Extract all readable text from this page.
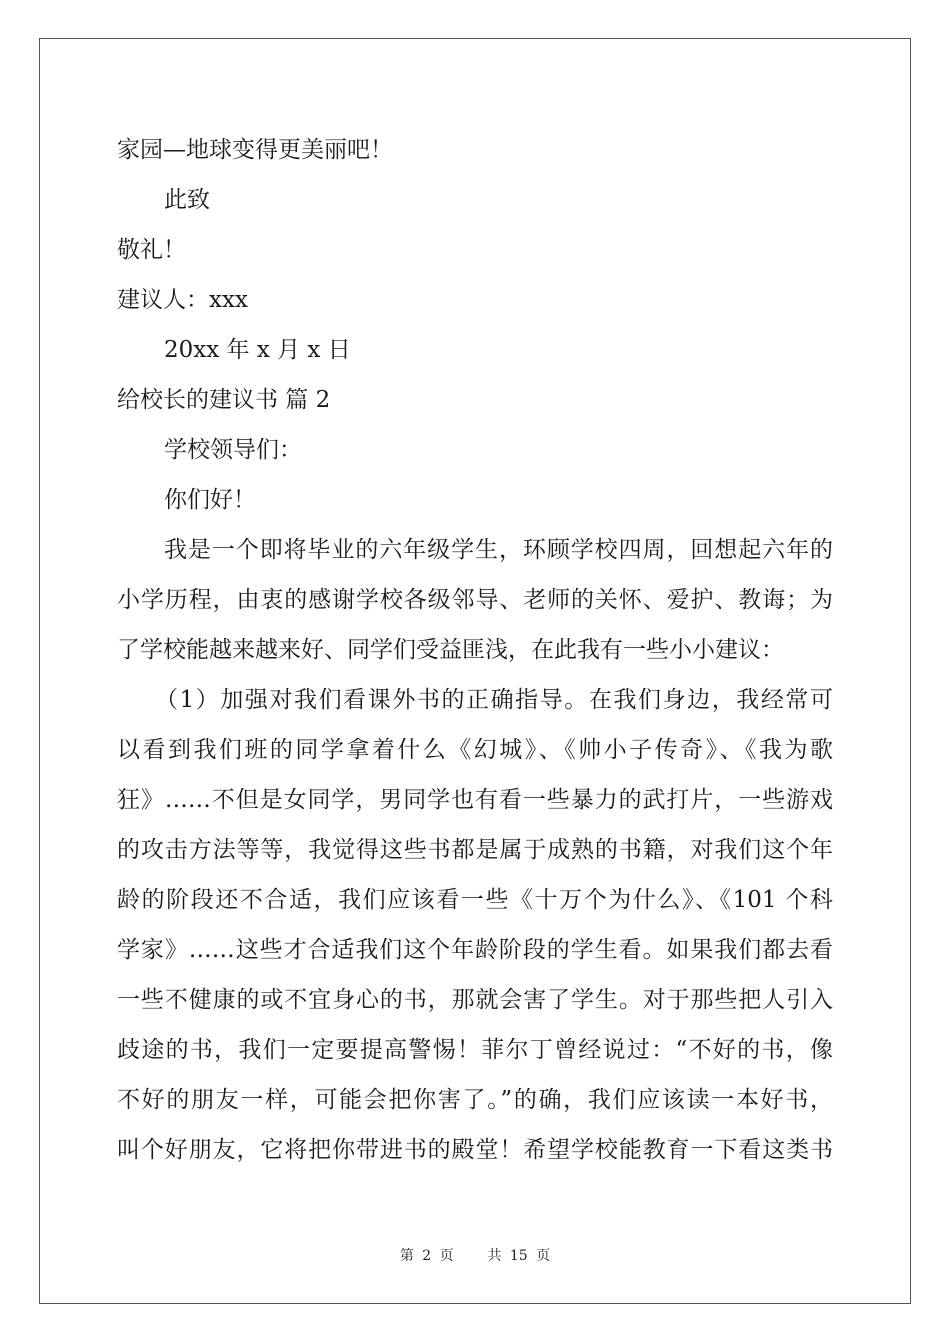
家园—地球变得更美丽吧！
此致
敬礼！
建议人：xxx
20xx 年 x 月 x 日
给校长的建议书 篇 2
学校领导们：
你们好！
我是一个即将毕业的六年级学生，环顾学校四周，回想起六年的
小学历程，由衷的感谢学校各级邻导、老师的关怀、爱护、教诲；为
了学校能越来越来好、同学们受益匪浅，在此我有一些小小建议：
（1）加强对我们看课外书的正确指导。在我们身边，我经常可
以看到我们班的同学拿着什么《幻城》、《帅小子传奇》、《我为歌
狂》……不但是女同学，男同学也有看一些暴力的武打片，一些游戏
的攻击方法等等，我觉得这些书都是属于成熟的书籍，对我们这个年
龄的阶段还不合适，我们应该看一些《十万个为什么》、《101 个科
学家》……这些才合适我们这个年龄阶段的学生看。如果我们都去看
一些不健康的或不宜身心的书，那就会害了学生。对于那些把人引入
歧途的书，我们一定要提高警惕！菲尔丁曾经说过：“不好的书，像
不好的朋友一样，可能会把你害了。”的确，我们应该读一本好书，
叫个好朋友，它将把你带进书的殿堂！希望学校能教育一下看这类书
第 2 页 共 15 页
